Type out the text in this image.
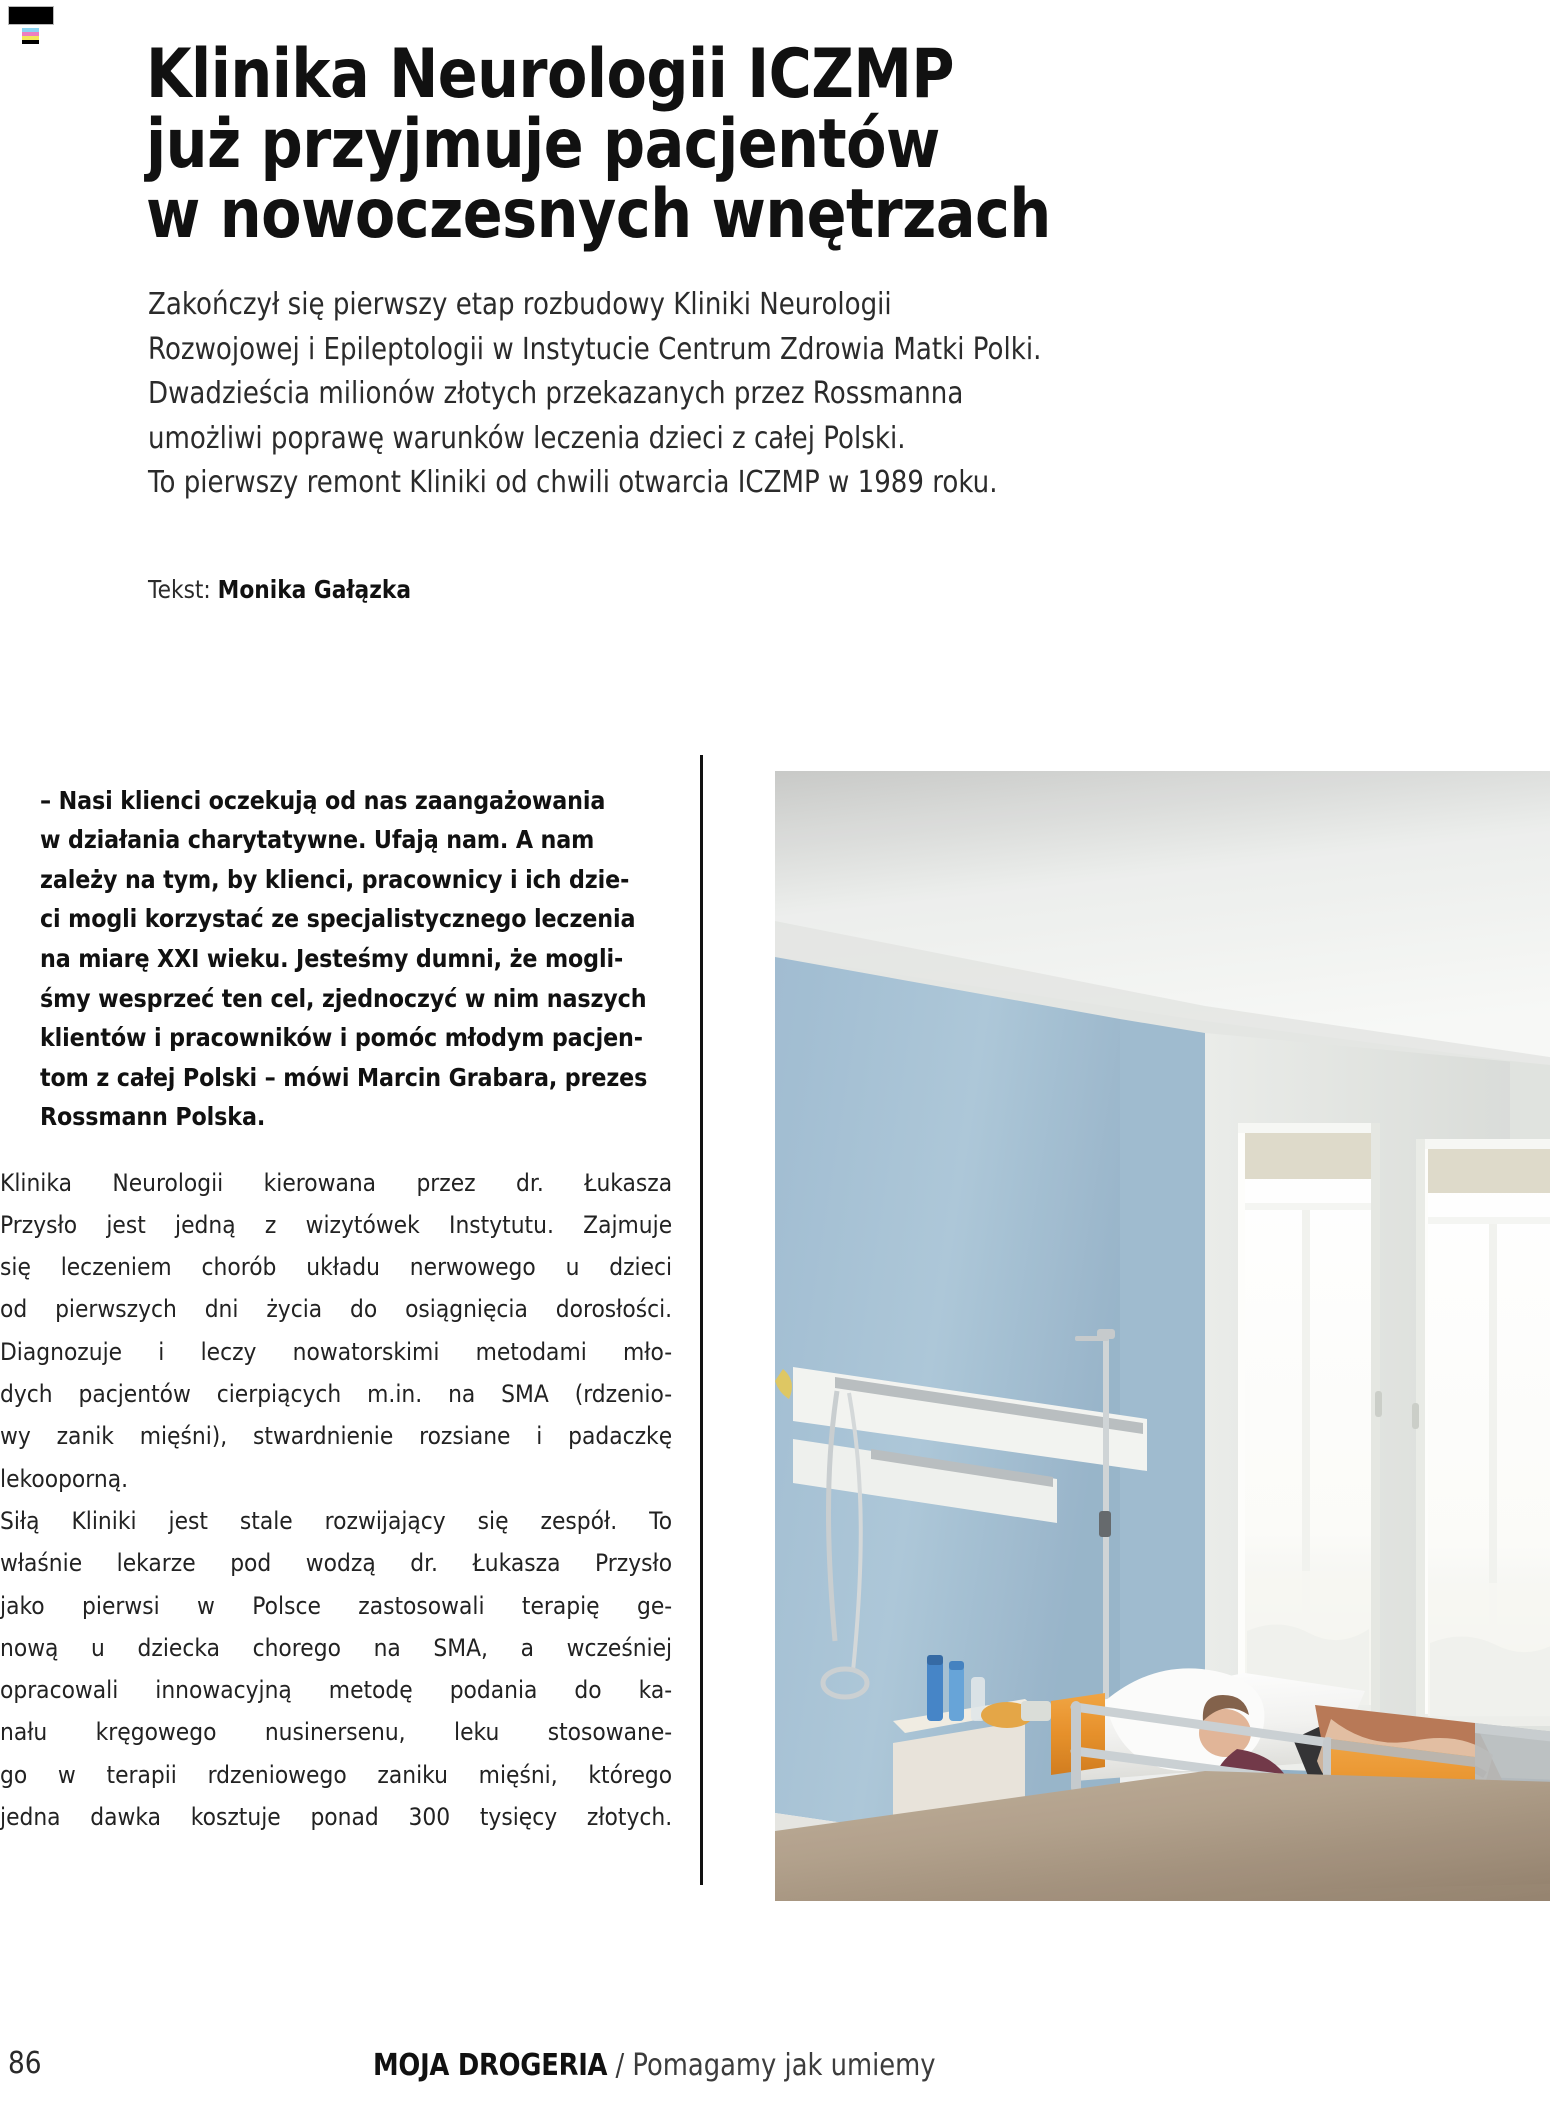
Klinika Neurologii ICZMP
już przyjmuje pacjentów
w nowoczesnych wnętrzach
Zakończył się pierwszy etap rozbudowy Kliniki Neurologii
Rozwojowej i Epileptologii w Instytucie Centrum Zdrowia Matki Polki.
Dwadzieścia milionów złotych przekazanych przez Rossmanna
umożliwi poprawę warunków leczenia dzieci z całej Polski.
To pierwszy remont Kliniki od chwili otwarcia ICZMP w 1989 roku.
Tekst: Monika Gałązka
– Nasi klienci oczekują od nas zaangażowania
w działania charytatywne. Ufają nam. A nam
zależy na tym, by klienci, pracownicy i ich dzie-
ci mogli korzystać ze specjalistycznego leczenia
na miarę XXI wieku. Jesteśmy dumni, że mogli-
śmy wesprzeć ten cel, zjednoczyć w nim naszych
klientów i pracowników i pomóc młodym pacjen-
tom z całej Polski – mówi Marcin Grabara, prezes
Rossmann Polska.
Klinika Neurologii kierowana przez dr. Łukasza
Przysło jest jedną z wizytówek Instytutu. Zajmuje
się leczeniem chorób układu nerwowego u dzieci
od pierwszych dni życia do osiągnięcia dorosłości.
Diagnozuje i leczy nowatorskimi metodami mło-
dych pacjentów cierpiących m.in. na SMA (rdzenio-
wy zanik mięśni), stwardnienie rozsiane i padaczkę
lekooporną.
Siłą Kliniki jest stale rozwijający się zespół. To
właśnie lekarze pod wodzą dr. Łukasza Przysło
jako pierwsi w Polsce zastosowali terapię ge-
nową u dziecka chorego na SMA, a wcześniej
opracowali innowacyjną metodę podania do ka-
nału kręgowego nusinersenu, leku stosowane-
go w terapii rdzeniowego zaniku mięśni, którego
jedna dawka kosztuje ponad 300 tysięcy złotych.
86	MOJA DROGERIA / Pomagamy jak umiemy
